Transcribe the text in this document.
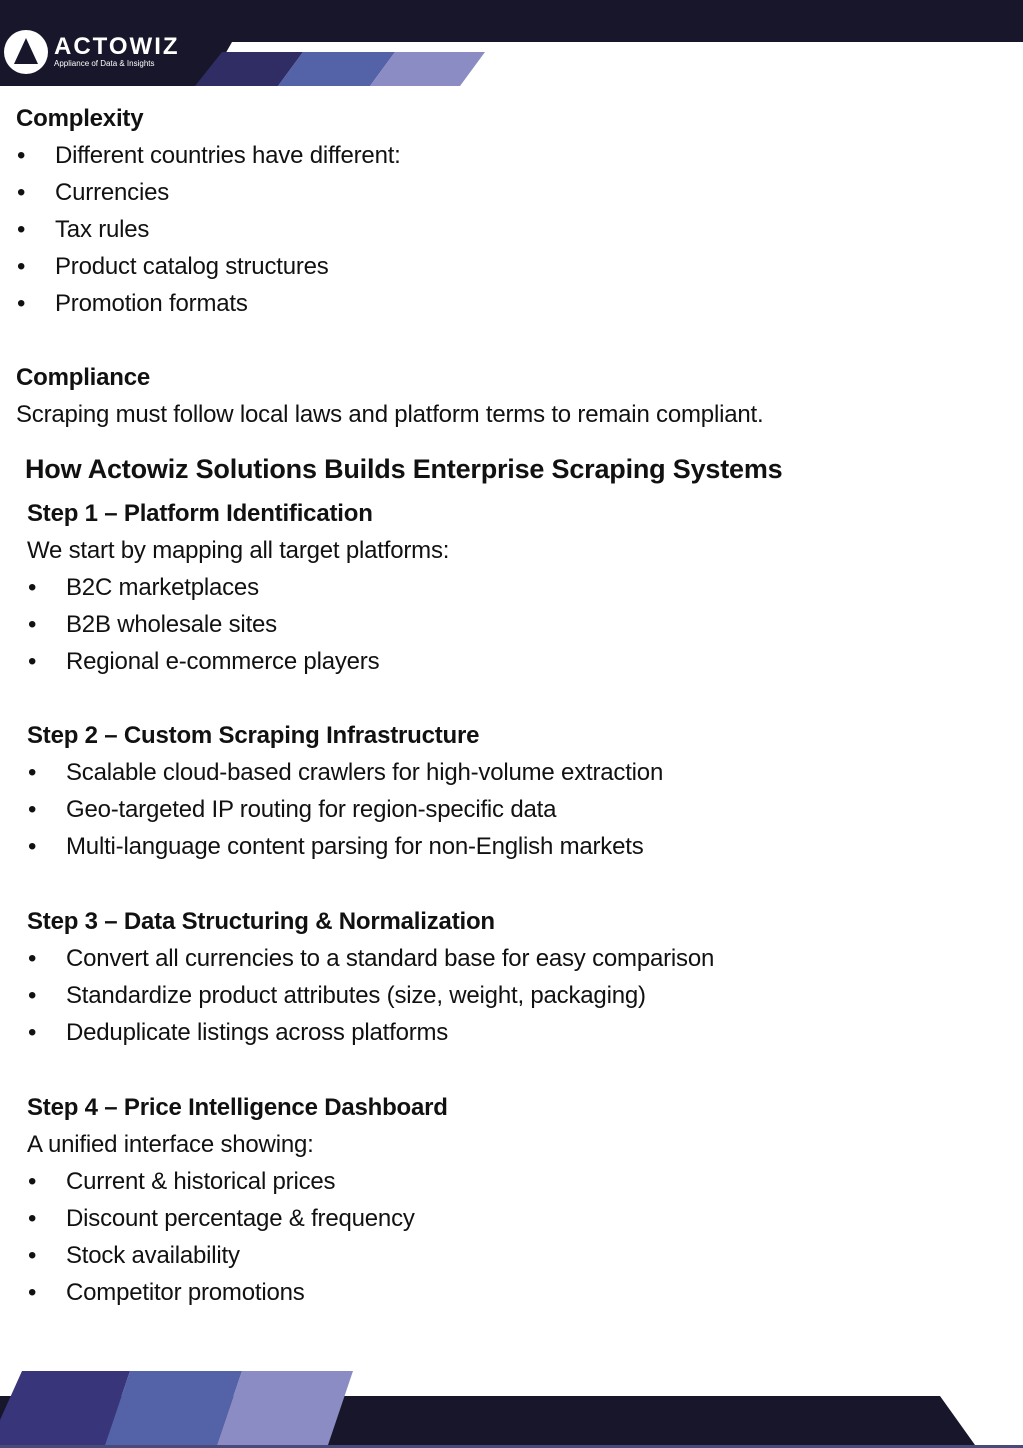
ACTOWIZ
Appliance of Data & Insights
Complexity
• Different countries have different:
• Currencies
• Tax rules
• Product catalog structures
• Promotion formats
Compliance
Scraping must follow local laws and platform terms to remain compliant.
How Actowiz Solutions Builds Enterprise Scraping Systems
Step 1 – Platform Identification
We start by mapping all target platforms:
• B2C marketplaces
• B2B wholesale sites
• Regional e-commerce players
Step 2 – Custom Scraping Infrastructure
• Scalable cloud-based crawlers for high-volume extraction
• Geo-targeted IP routing for region-specific data
• Multi-language content parsing for non-English markets
Step 3 – Data Structuring & Normalization
• Convert all currencies to a standard base for easy comparison
• Standardize product attributes (size, weight, packaging)
• Deduplicate listings across platforms
Step 4 – Price Intelligence Dashboard
A unified interface showing:
• Current & historical prices
• Discount percentage & frequency
• Stock availability
• Competitor promotions
